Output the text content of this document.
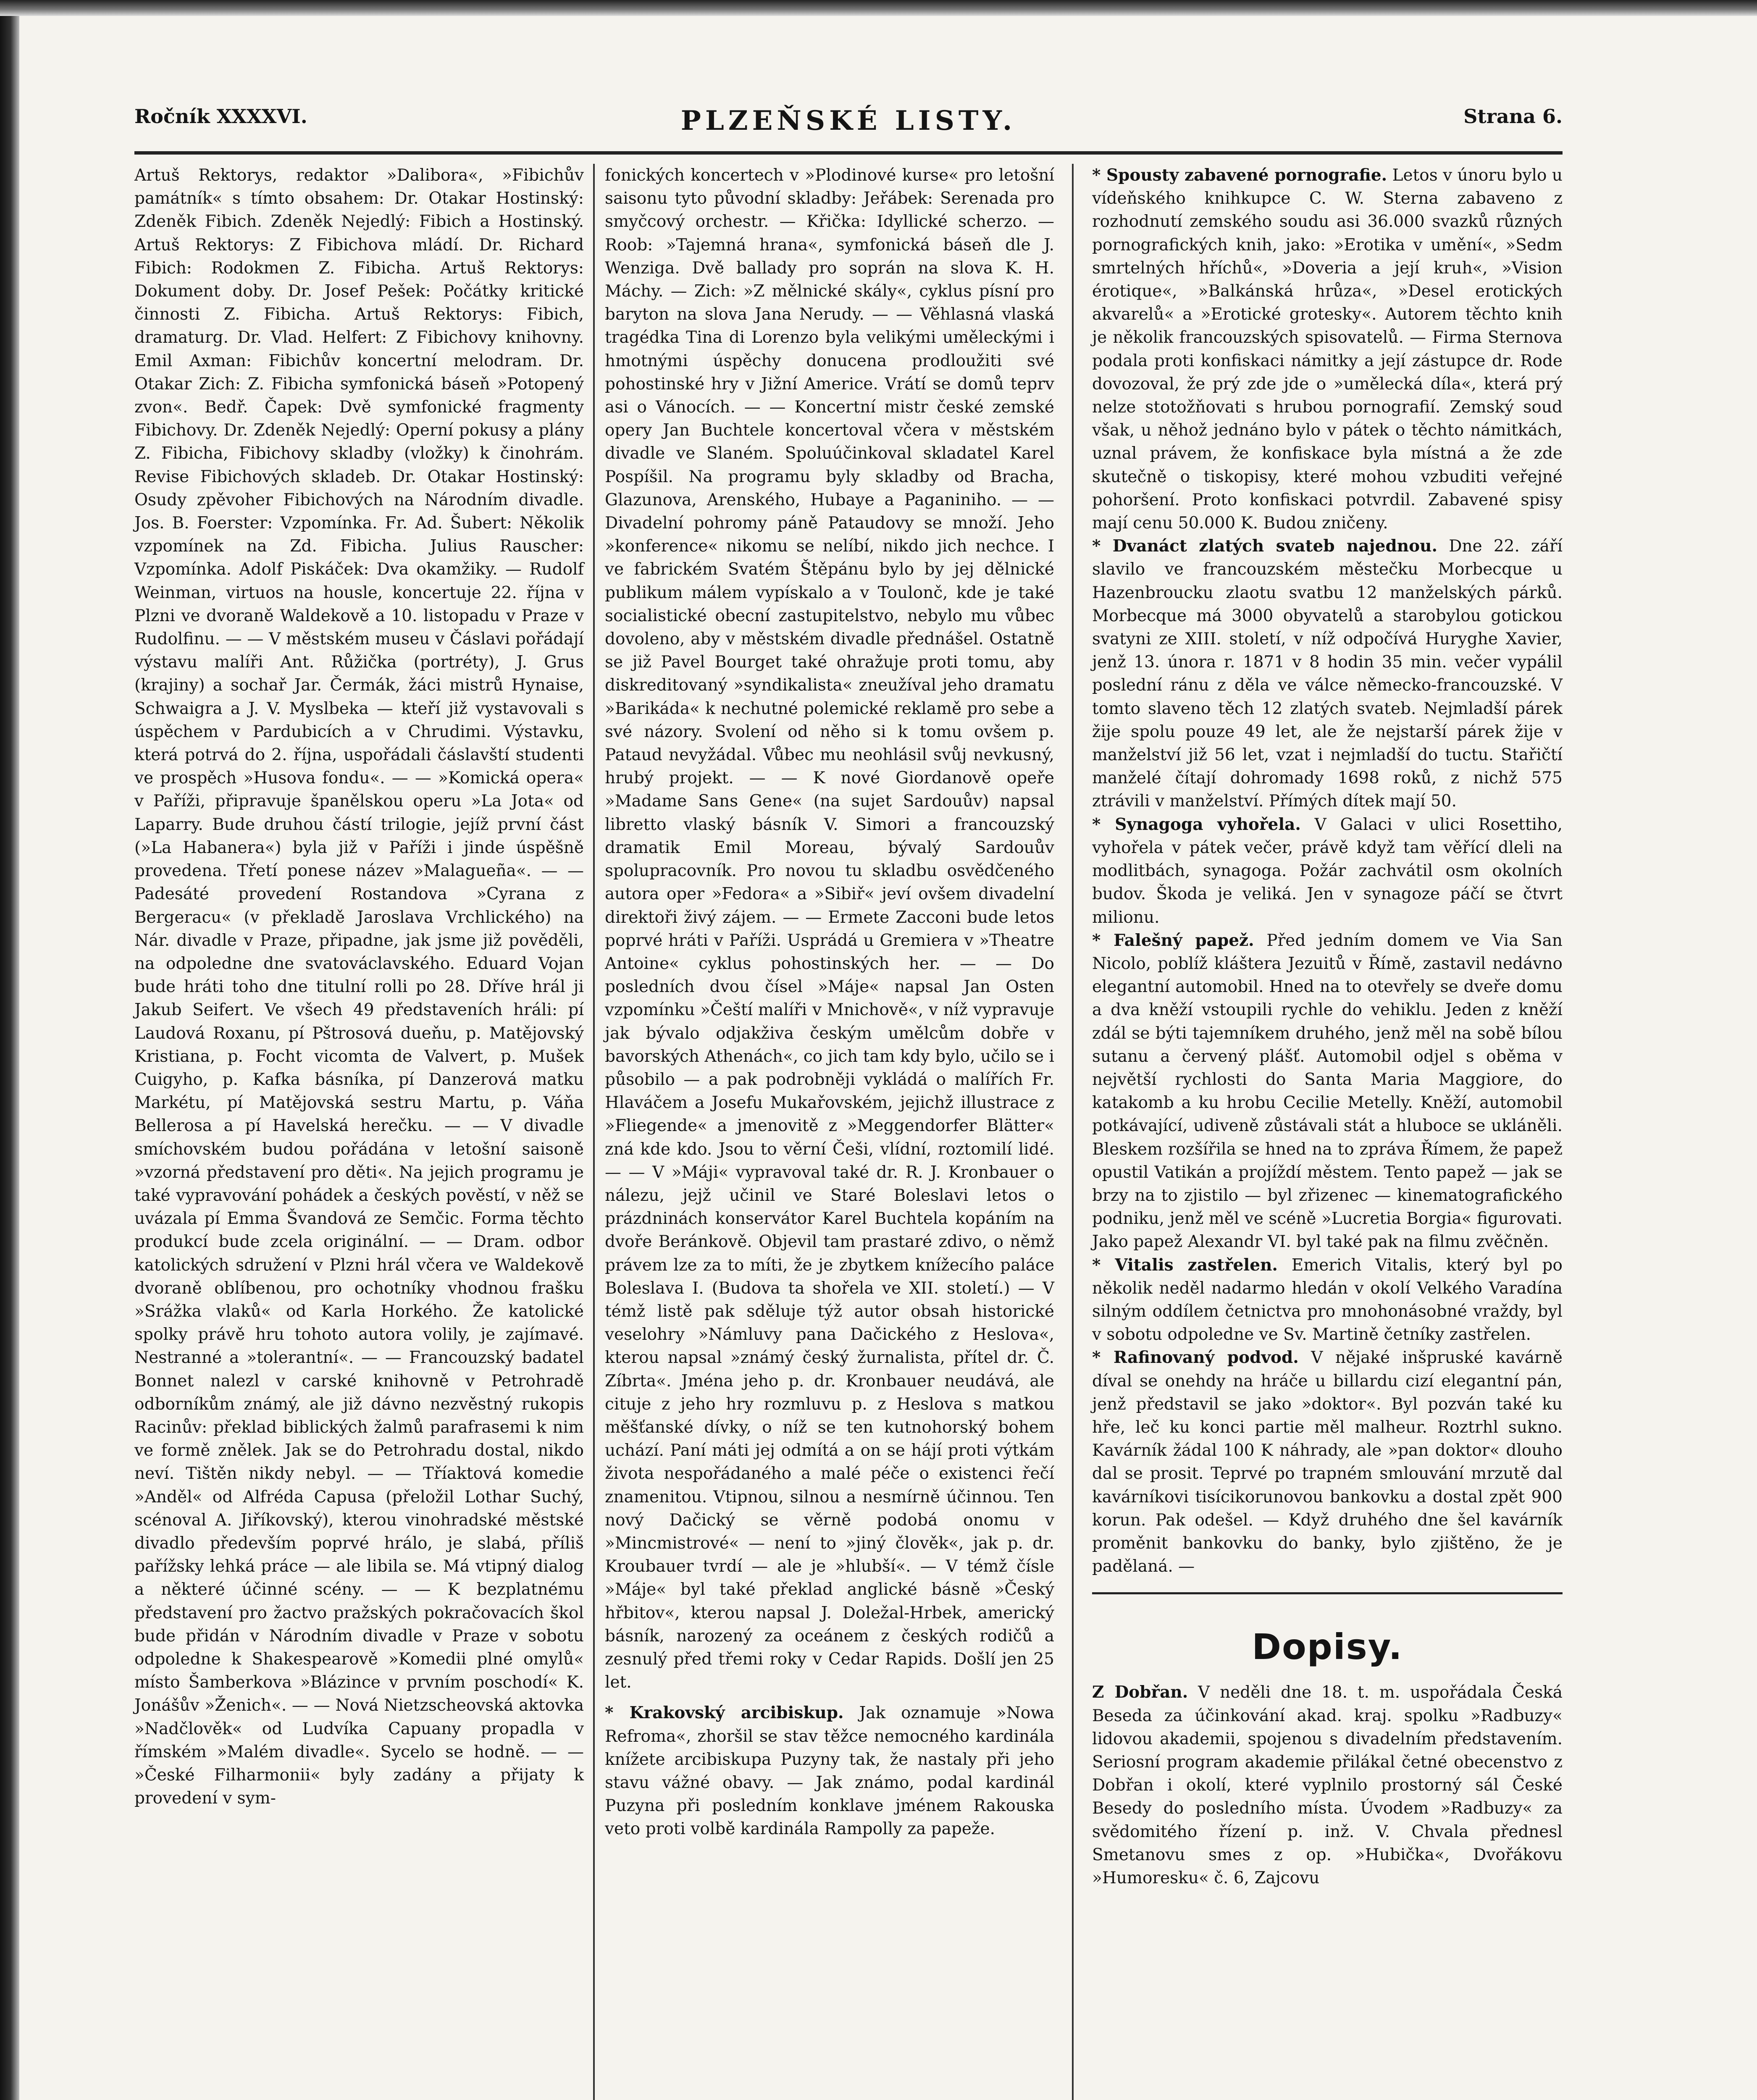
PLZEŇSKÉ LISTY.
Ročník XXXXVI.	Strana 6.

Artuš Rektorys, redaktor »Dalibora«, »Fibichův památník« s tímto obsahem: Dr. Otakar Hostinský: Zdeněk Fibich. Zdeněk Nejedlý: Fibich a Hostinský. Artuš Rektorys: Z Fibichova mládí. Dr. Richard Fibich: Rodokmen Z. Fibicha. Artuš Rektorys: Dokument doby. Dr. Josef Pešek: Počátky kritické činnosti Z. Fibicha. Artuš Rektorys: Fibich, dramaturg. Dr. Vlad. Helfert: Z Fibichovy knihovny. Emil Axman: Fibichův koncertní melodram. Dr. Otakar Zich: Z. Fibicha symfonická báseň »Potopený zvon«. Bedř. Čapek: Dvě symfonické fragmenty Fibichovy. Dr. Zdeněk Nejedlý: Operní pokusy a plány Z. Fibicha, Fibichovy skladby (vložky) k činohrám. Revise Fibichových skladeb. Dr. Otakar Hostinský: Osudy zpěvoher Fibichových na Národním divadle. Jos. B. Foerster: Vzpomínka. Fr. Ad. Šubert: Několik vzpomínek na Zd. Fibicha. Julius Rauscher: Vzpomínka. Adolf Piskáček: Dva okamžiky. — Rudolf Weinman, virtuos na housle, koncertuje 22. října v Plzni ve dvoraně Waldekově a 10. listopadu v Praze v Rudolfinu. — — V městském museu v Čáslavi pořádají výstavu malíři Ant. Růžička (portréty), J. Grus (krajiny) a sochař Jar. Čermák, žáci mistrů Hynaise, Schwaigra a J. V. Myslbeka — kteří již vystavovali s úspěchem v Pardubicích a v Chrudimi. Výstavku, která potrvá do 2. října, uspořádali čáslavští studenti ve prospěch »Husova fondu«. — — »Komická opera« v Paříži, připravuje španělskou operu »La Jota« od Laparry. Bude druhou částí trilogie, jejíž první část (»La Habanera«) byla již v Paříži i jinde úspěšně provedena. Třetí ponese název »Malagueña«. — — Padesáté provedení Rostandova »Cyrana z Bergeracu« (v překladě Jaroslava Vrchlického) na Nár. divadle v Praze, připadne, jak jsme již pověděli, na odpoledne dne svatováclavského. Eduard Vojan bude hráti toho dne titulní rolli po 28. Dříve hrál ji Jakub Seifert. Ve všech 49 představeních hráli: pí Laudová Roxanu, pí Pštrosová dueňu, p. Matějovský Kristiana, p. Focht vicomta de Valvert, p. Mušek Cuigyho, p. Kafka básníka, pí Danzerová matku Markétu, pí Matějovská sestru Martu, p. Váňa Bellerosa a pí Havelská herečku. — — V divadle smíchovském budou pořádána v letošní saisoně »vzorná představení pro děti«. Na jejich programu je také vypravování pohádek a českých pověstí, v něž se uvázala pí Emma Švandová ze Semčic. Forma těchto produkcí bude zcela originální. — — Dram. odbor katolických sdružení v Plzni hrál včera ve Waldekově dvoraně oblíbenou, pro ochotníky vhodnou frašku »Srážka vlaků« od Karla Horkého. Že katolické spolky právě hru tohoto autora volily, je zajímavé. Nestranné a »tolerantní«. — — Francouzský badatel Bonnet nalezl v carské knihovně v Petrohradě odborníkům známý, ale již dávno nezvěstný rukopis Racinův: překlad biblických žalmů parafrasemi k nim ve formě znělek. Jak se do Petrohradu dostal, nikdo neví. Tištěn nikdy nebyl. — — Tříaktová komedie »Anděl« od Alfréda Capusa (přeložil Lothar Suchý, scénoval A. Jiříkovský), kterou vinohradské městské divadlo především poprvé hrálo, je slabá, příliš pařížsky lehká práce — ale libila se. Má vtipný dialog a některé účinné scény. — — K bezplatnému představení pro žactvo pražských pokračovacích škol bude přidán v Národním divadle v Praze v sobotu odpoledne k Shakespearově »Komedii plné omylů« místo Šamberkova »Blázince v prvním poschodí« K. Jonášův »Ženich«. — — Nová Nietzscheovská aktovka »Nadčlověk« od Ludvíka Capuany propadla v římském »Malém divadle«. Sycelo se hodně. — — »České Filharmonii« byly zadány a přijaty k provedení v sym-

fonických koncertech v »Plodinové kurse« pro letošní saisonu tyto původní skladby: Jeřábek: Serenada pro smyčcový orchestr. — Křička: Idyllické scherzo. — Roob: »Tajemná hrana«, symfonická báseň dle J. Wenziga. Dvě ballady pro soprán na slova K. H. Máchy. — Zich: »Z mělnické skály«, cyklus písní pro baryton na slova Jana Nerudy. — — Věhlasná vlaská tragédka Tina di Lorenzo byla velikými uměleckými i hmotnými úspěchy donucena prodloužiti své pohostinské hry v Jižní Americe. Vrátí se domů teprv asi o Vánocích. — — Koncertní mistr české zemské opery Jan Buchtele koncertoval včera v městském divadle ve Slaném. Spoluúčinkoval skladatel Karel Pospíšil. Na programu byly skladby od Bracha, Glazunova, Arenského, Hubaye a Paganiniho. — — Divadelní pohromy páně Pataudovy se množí. Jeho »konference« nikomu se nelíbí, nikdo jich nechce. I ve fabrickém Svatém Štěpánu bylo by jej dělnické publikum málem vypískalo a v Toulonč, kde je také socialistické obecní zastupitelstvo, nebylo mu vůbec dovoleno, aby v městském divadle přednášel. Ostatně se již Pavel Bourget také ohražuje proti tomu, aby diskreditovaný »syndikalista« zneužíval jeho dramatu »Barikáda« k nechutné polemické reklamě pro sebe a své názory. Svolení od něho si k tomu ovšem p. Pataud nevyžádal. Vůbec mu neohlásil svůj nevkusný, hrubý projekt. — — K nové Giordanově opeře »Madame Sans Gene« (na sujet Sardouův) napsal libretto vlaský básník V. Simori a francouzský dramatik Emil Moreau, bývalý Sardouův spolupracovník. Pro novou tu skladbu osvědčeného autora oper »Fedora« a »Sibiř« jeví ovšem divadelní direktoři živý zájem. — — Ermete Zacconi bude letos poprvé hráti v Paříži. Usprádá u Gremiera v »Theatre Antoine« cyklus pohostinských her. — — Do posledních dvou čísel »Máje« napsal Jan Osten vzpomínku »Čeští malíři v Mnichově«, v níž vypravuje jak bývalo odjakživa českým umělcům dobře v bavorských Athenách«, co jich tam kdy bylo, učilo se i působilo — a pak podrobněji vykládá o malířích Fr. Hlaváčem a Josefu Mukařovském, jejichž illustrace z »Fliegende« a jmenovitě z »Meggendorfer Blätter« zná kde kdo. Jsou to věrní Češi, vlídní, roztomilí lidé. — — V »Máji« vypravoval také dr. R. J. Kronbauer o nálezu, jejž učinil ve Staré Boleslavi letos o prázdninách konservátor Karel Buchtela kopáním na dvoře Beránkově. Objevil tam prastaré zdivo, o němž právem lze za to míti, že je zbytkem knížecího paláce Boleslava I. (Budova ta shořela ve XII. století.) — V témž listě pak sděluje týž autor obsah historické veselohry »Námluvy pana Dačického z Heslova«, kterou napsal »známý český žurnalista, přítel dr. Č. Zíbrta«. Jména jeho p. dr. Kronbauer neudává, ale cituje z jeho hry rozmluvu p. z Heslova s matkou měšťanské dívky, o níž se ten kutnohorský bohem uchází. Paní máti jej odmítá a on se hájí proti výtkám života nespořádaného a malé péče o existenci řečí znamenitou. Vtipnou, silnou a nesmírně účinnou. Ten nový Dačický se věrně podobá onomu v »Mincmistrové« — není to »jiný člověk«, jak p. dr. Kroubauer tvrdí — ale je »hlubší«. — V témž čísle »Máje« byl také překlad anglické básně »Český hřbitov«, kterou napsal J. Doležal-Hrbek, americký básník, narozený za oceánem z českých rodičů a zesnulý před třemi roky v Cedar Rapids. Došlí jen 25 let.

* Krakovský arcibiskup. Jak oznamuje »Nowa Refroma«, zhoršil se stav těžce nemocného kardinála knížete arcibiskupa Puzyny tak, že nastaly při jeho stavu vážné obavy. — Jak známo, podal kardinál Puzyna při posledním konklave jménem Rakouska veto proti volbě kardinála Rampolly za papeže.

* Spousty zabavené pornografie. Letos v únoru bylo u vídeňského knihkupce C. W. Sterna zabaveno z rozhodnutí zemského soudu asi 36.000 svazků různých pornografických knih, jako: »Erotika v umění«, »Sedm smrtelných hříchů«, »Doveria a její kruh«, »Vision érotique«, »Balkánská hrůza«, »Desel erotických akvarelů« a »Erotické grotesky«. Autorem těchto knih je několik francouzských spisovatelů. — Firma Sternova podala proti konfiskaci námitky a její zástupce dr. Rode dovozoval, že prý zde jde o »umělecká díla«, která prý nelze stotožňovati s hrubou pornografií. Zemský soud však, u něhož jednáno bylo v pátek o těchto námitkách, uznal právem, že konfiskace byla místná a že zde skutečně o tiskopisy, které mohou vzbuditi veřejné pohoršení. Proto konfiskaci potvrdil. Zabavené spisy mají cenu 50.000 K. Budou zničeny.

* Dvanáct zlatých svateb najednou. Dne 22. září slavilo ve francouzském městečku Morbecque u Hazenbroucku zlaotu svatbu 12 manželských párků. Morbecque má 3000 obyvatelů a starobylou gotickou svatyni ze XIII. století, v níž odpočívá Huryghe Xavier, jenž 13. února r. 1871 v 8 hodin 35 min. večer vypálil poslední ránu z děla ve válce německo-francouzské. V tomto slaveno těch 12 zlatých svateb. Nejmladší párek žije spolu pouze 49 let, ale že nejstarší párek žije v manželství již 56 let, vzat i nejmladší do tuctu. Stařičtí manželé čítají dohromady 1698 roků, z nichž 575 ztrávili v manželství. Přímých dítek mají 50.

* Synagoga vyhořela. V Galaci v ulici Rosettiho, vyhořela v pátek večer, právě když tam věřící dleli na modlitbách, synagoga. Požár zachvátil osm okolních budov. Škoda je veliká. Jen v synagoze páčí se čtvrt milionu.

* Falešný papež. Před jedním domem ve Via San Nicolo, poblíž kláštera Jezuitů v Římě, zastavil nedávno elegantní automobil. Hned na to otevřely se dveře domu a dva kněží vstoupili rychle do vehiklu. Jeden z kněží zdál se býti tajemníkem druhého, jenž měl na sobě bílou sutanu a červený plášť. Automobil odjel s oběma v největší rychlosti do Santa Maria Maggiore, do katakomb a ku hrobu Cecilie Metelly. Kněží, automobil potkávající, udiveně zůstávali stát a hluboce se ukláněli. Bleskem rozšířila se hned na to zpráva Římem, že papež opustil Vatikán a projíždí městem. Tento papež — jak se brzy na to zjistilo — byl zřizenec — kinematografického podniku, jenž měl ve scéně »Lucretia Borgia« figurovati. Jako papež Alexandr VI. byl také pak na filmu zvěčněn.

* Vitalis zastřelen. Emerich Vitalis, který byl po několik neděl nadarmo hledán v okolí Velkého Varadína silným oddílem četnictva pro mnohonásobné vraždy, byl v sobotu odpoledne ve Sv. Martině četníky zastřelen.

* Rafinovaný podvod. V nějaké inšpruské kavárně díval se onehdy na hráče u billardu cizí elegantní pán, jenž představil se jako »doktor«. Byl pozván také ku hře, leč ku konci partie měl malheur. Roztrhl sukno. Kavárník žádal 100 K náhrady, ale »pan doktor« dlouho dal se prosit. Teprvé po trapném smlouvání mrzutě dal kavárníkovi tisícikorunovou bankovku a dostal zpět 900 korun. Pak odešel. — Když druhého dne šel kavárník proměnit bankovku do banky, bylo zjištěno, že je padělaná. —

Dopisy.

Z Dobřan. V neděli dne 18. t. m. uspořádala Česká Beseda za účinkování akad. kraj. spolku »Radbuzy« lidovou akademii, spojenou s divadelním představením. Seriosní program akademie přilákal četné obecenstvo z Dobřan i okolí, které vyplnilo prostorný sál České Besedy do posledního místa. Úvodem »Radbuzy« za svědomitého řízení p. inž. V. Chvala přednesl Smetanovu smes z op. »Hubička«, Dvořákovu »Humoresku« č. 6, Zajcovu
